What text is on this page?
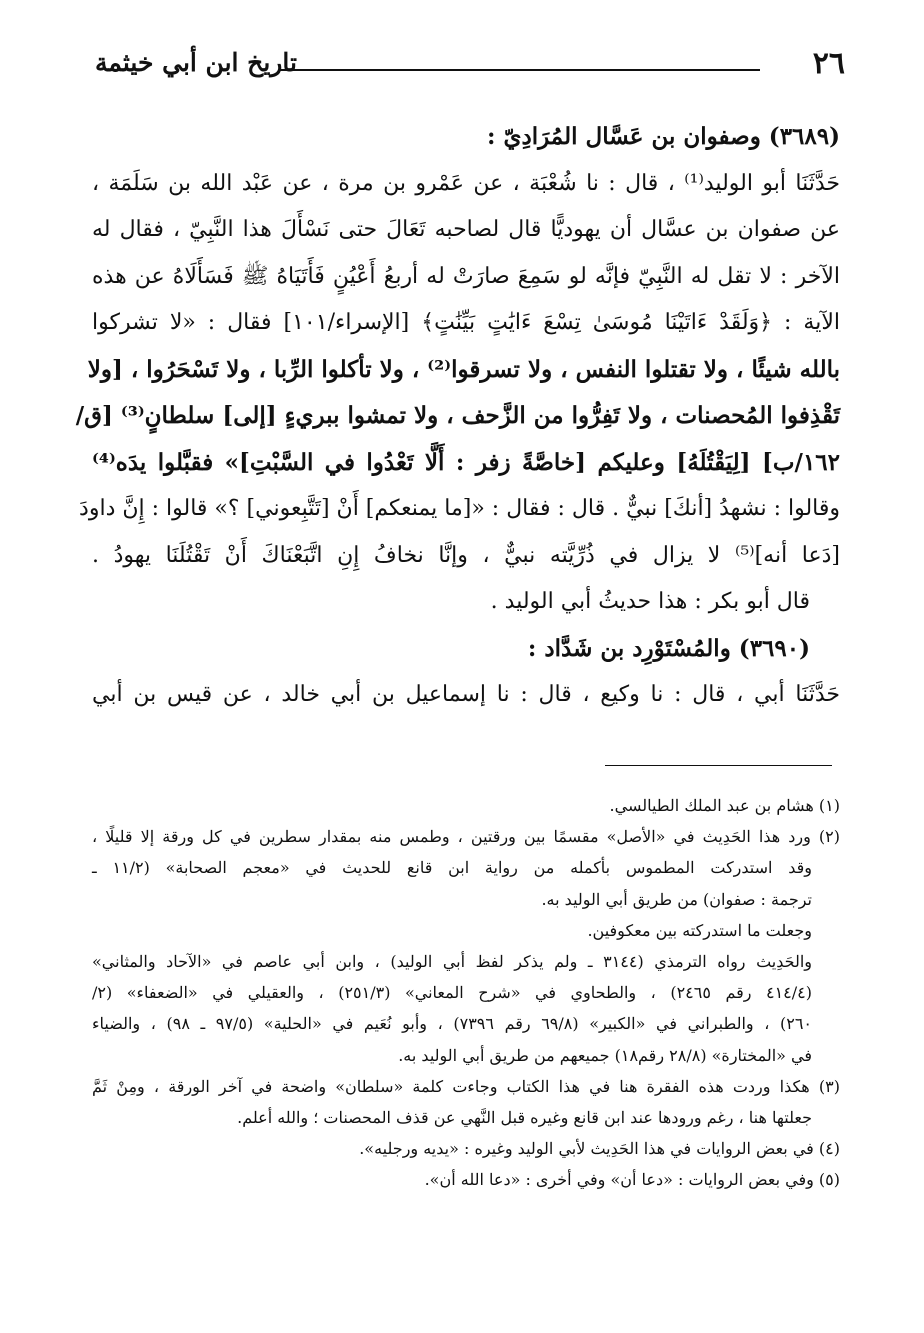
٢٦
تاريخ ابن أبي خيثمة

(٣٦٨٩) وصفوان بن عَسَّال المُرَادِيّ :

حَدَّثَنَا أبو الوليد⁽¹⁾ ، قال : نا شُعْبَة ، عن عَمْرو بن مرة ، عن عَبْد الله بن سَلَمَة ،

عن صفوان بن عسَّال أن يهوديًّا قال لصاحبه تَعَالَ حتى نَسْأَلَ هذا النَّبِيّ ، فقال له

الآخر : لا تقل له النَّبِيّ فإنَّه لو سَمِعَ صارَتْ له أربعُ أَعْيُنٍ فَأَتَيَاهُ ﷺ فَسَأَلَاهُ عن هذه

الآية : ﴿وَلَقَدْ ءَاتَيْنَا مُوسَىٰ تِسْعَ ءَايَٰتٍ بَيِّنَٰتٍ﴾ [الإسراء/١٠١] فقال : «لا تشركوا

بالله شيئًا ، ولا تقتلوا النفس ، ولا تسرقوا⁽²⁾ ، ولا تأكلوا الرِّبا ، ولا تَسْحَرُوا ، [ولا

تَقْذِفوا المُحصنات ، ولا تَفِرُّوا من الزَّحف ، ولا تمشوا ببريءٍ [إلى] سلطانٍ⁽³⁾ [ق/

١٦٢/ب] [لِيَقْتُلَهُ] وعليكم [خاصَّةً زفر : أَلَّا تَعْدُوا في السَّبْتِ]» فقبَّلوا يدَه⁽⁴⁾

وقالوا : نشهدُ [أنكَ] نبيٌّ . قال : فقال : «[ما يمنعكم] أَنْ [تَتَّبِعوني] ؟» قالوا : إِنَّ داودَ

[دَعا أنه]⁽⁵⁾ لا يزال في ذُرِّيَّته نبيٌّ ، وإنَّا نخافُ إِنِ اتَّبَعْنَاكَ أَنْ تَقْتُلَنَا يهودُ .

قال أبو بكر : هذا حديثُ أبي الوليد .

(٣٦٩٠) والمُسْتَوْرِد بن شَدَّاد :

حَدَّثَنَا أبي ، قال : نا وكيع ، قال : نا إسماعيل بن أبي خالد ، عن قيس بن أبي

(١) هشام بن عبد الملك الطيالسي.

(٢) ورد هذا الحَدِيث في «الأصل» مقسمًا بين ورقتين ، وطمس منه بمقدار سطرين في كل ورقة إلا قليلًا ،

وقد استدركت المطموس بأكمله من رواية ابن قانع للحديث في «معجم الصحابة» (١١/٢ ـ

ترجمة : صفوان) من طريق أبي الوليد به.

وجعلت ما استدركته بين معكوفين.

والحَدِيث رواه الترمذي (٣١٤٤ ـ ولم يذكر لفظ أبي الوليد) ، وابن أبي عاصم في «الآحاد والمثاني»

(٤١٤/٤ رقم ٢٤٦٥) ، والطحاوي في «شرح المعاني» (٢٥١/٣) ، والعقيلي في «الضعفاء» (٢/

٢٦٠) ، والطبراني في «الكبير» (٦٩/٨ رقم ٧٣٩٦) ، وأبو نُعَيم في «الحلية» (٩٧/٥ ـ ٩٨) ، والضياء

في «المختارة» (٢٨/٨ رقم١٨) جميعهم من طريق أبي الوليد به.

(٣) هكذا وردت هذه الفقرة هنا في هذا الكتاب وجاءت كلمة «سلطان» واضحة في آخر الورقة ، ومِنْ ثَمَّ

جعلتها هنا ، رغم ورودها عند ابن قانع وغيره قبل النَّهي عن قذف المحصنات ؛ والله أعلم.

(٤) في بعض الروايات في هذا الحَدِيث لأبي الوليد وغيره : «يديه ورجليه».

(٥) وفي بعض الروايات : «دعا أن» وفي أخرى : «دعا الله أن».
